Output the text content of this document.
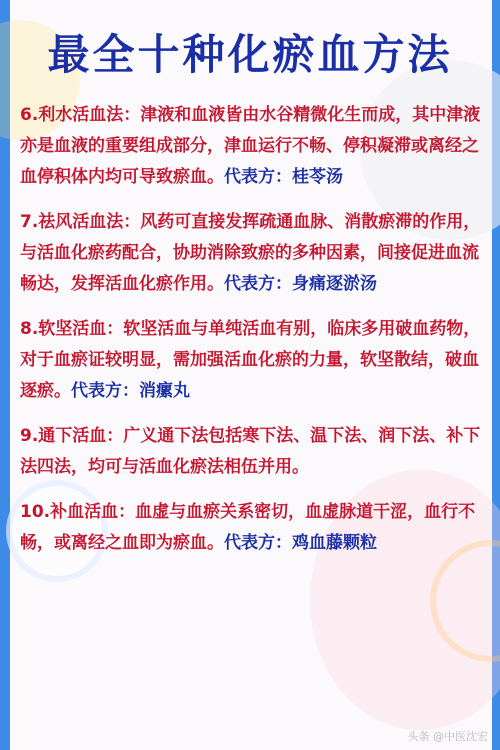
最全十种化瘀血方法

6.利水活血法：津液和血液皆由水谷精微化生而成，其中津液亦是血液的重要组成部分，津血运行不畅、停积凝滞或离经之血停积体内均可导致瘀血。代表方：桂苓汤

7.祛风活血法：风药可直接发挥疏通血脉、消散瘀滞的作用，与活血化瘀药配合，协助消除致瘀的多种因素，间接促进血流畅达，发挥活血化瘀作用。代表方：身痛逐淤汤

8.软坚活血：软坚活血与单纯活血有别，临床多用破血药物，对于血瘀证较明显，需加强活血化瘀的力量，软坚散结，破血逐瘀。代表方：消瘰丸

9.通下活血：广义通下法包括寒下法、温下法、润下法、补下法四法，均可与活血化瘀法相伍并用。

10.补血活血：血虚与血瘀关系密切，血虚脉道干涩，血行不畅，或离经之血即为瘀血。代表方：鸡血藤颗粒

头条 @中医沈宏
